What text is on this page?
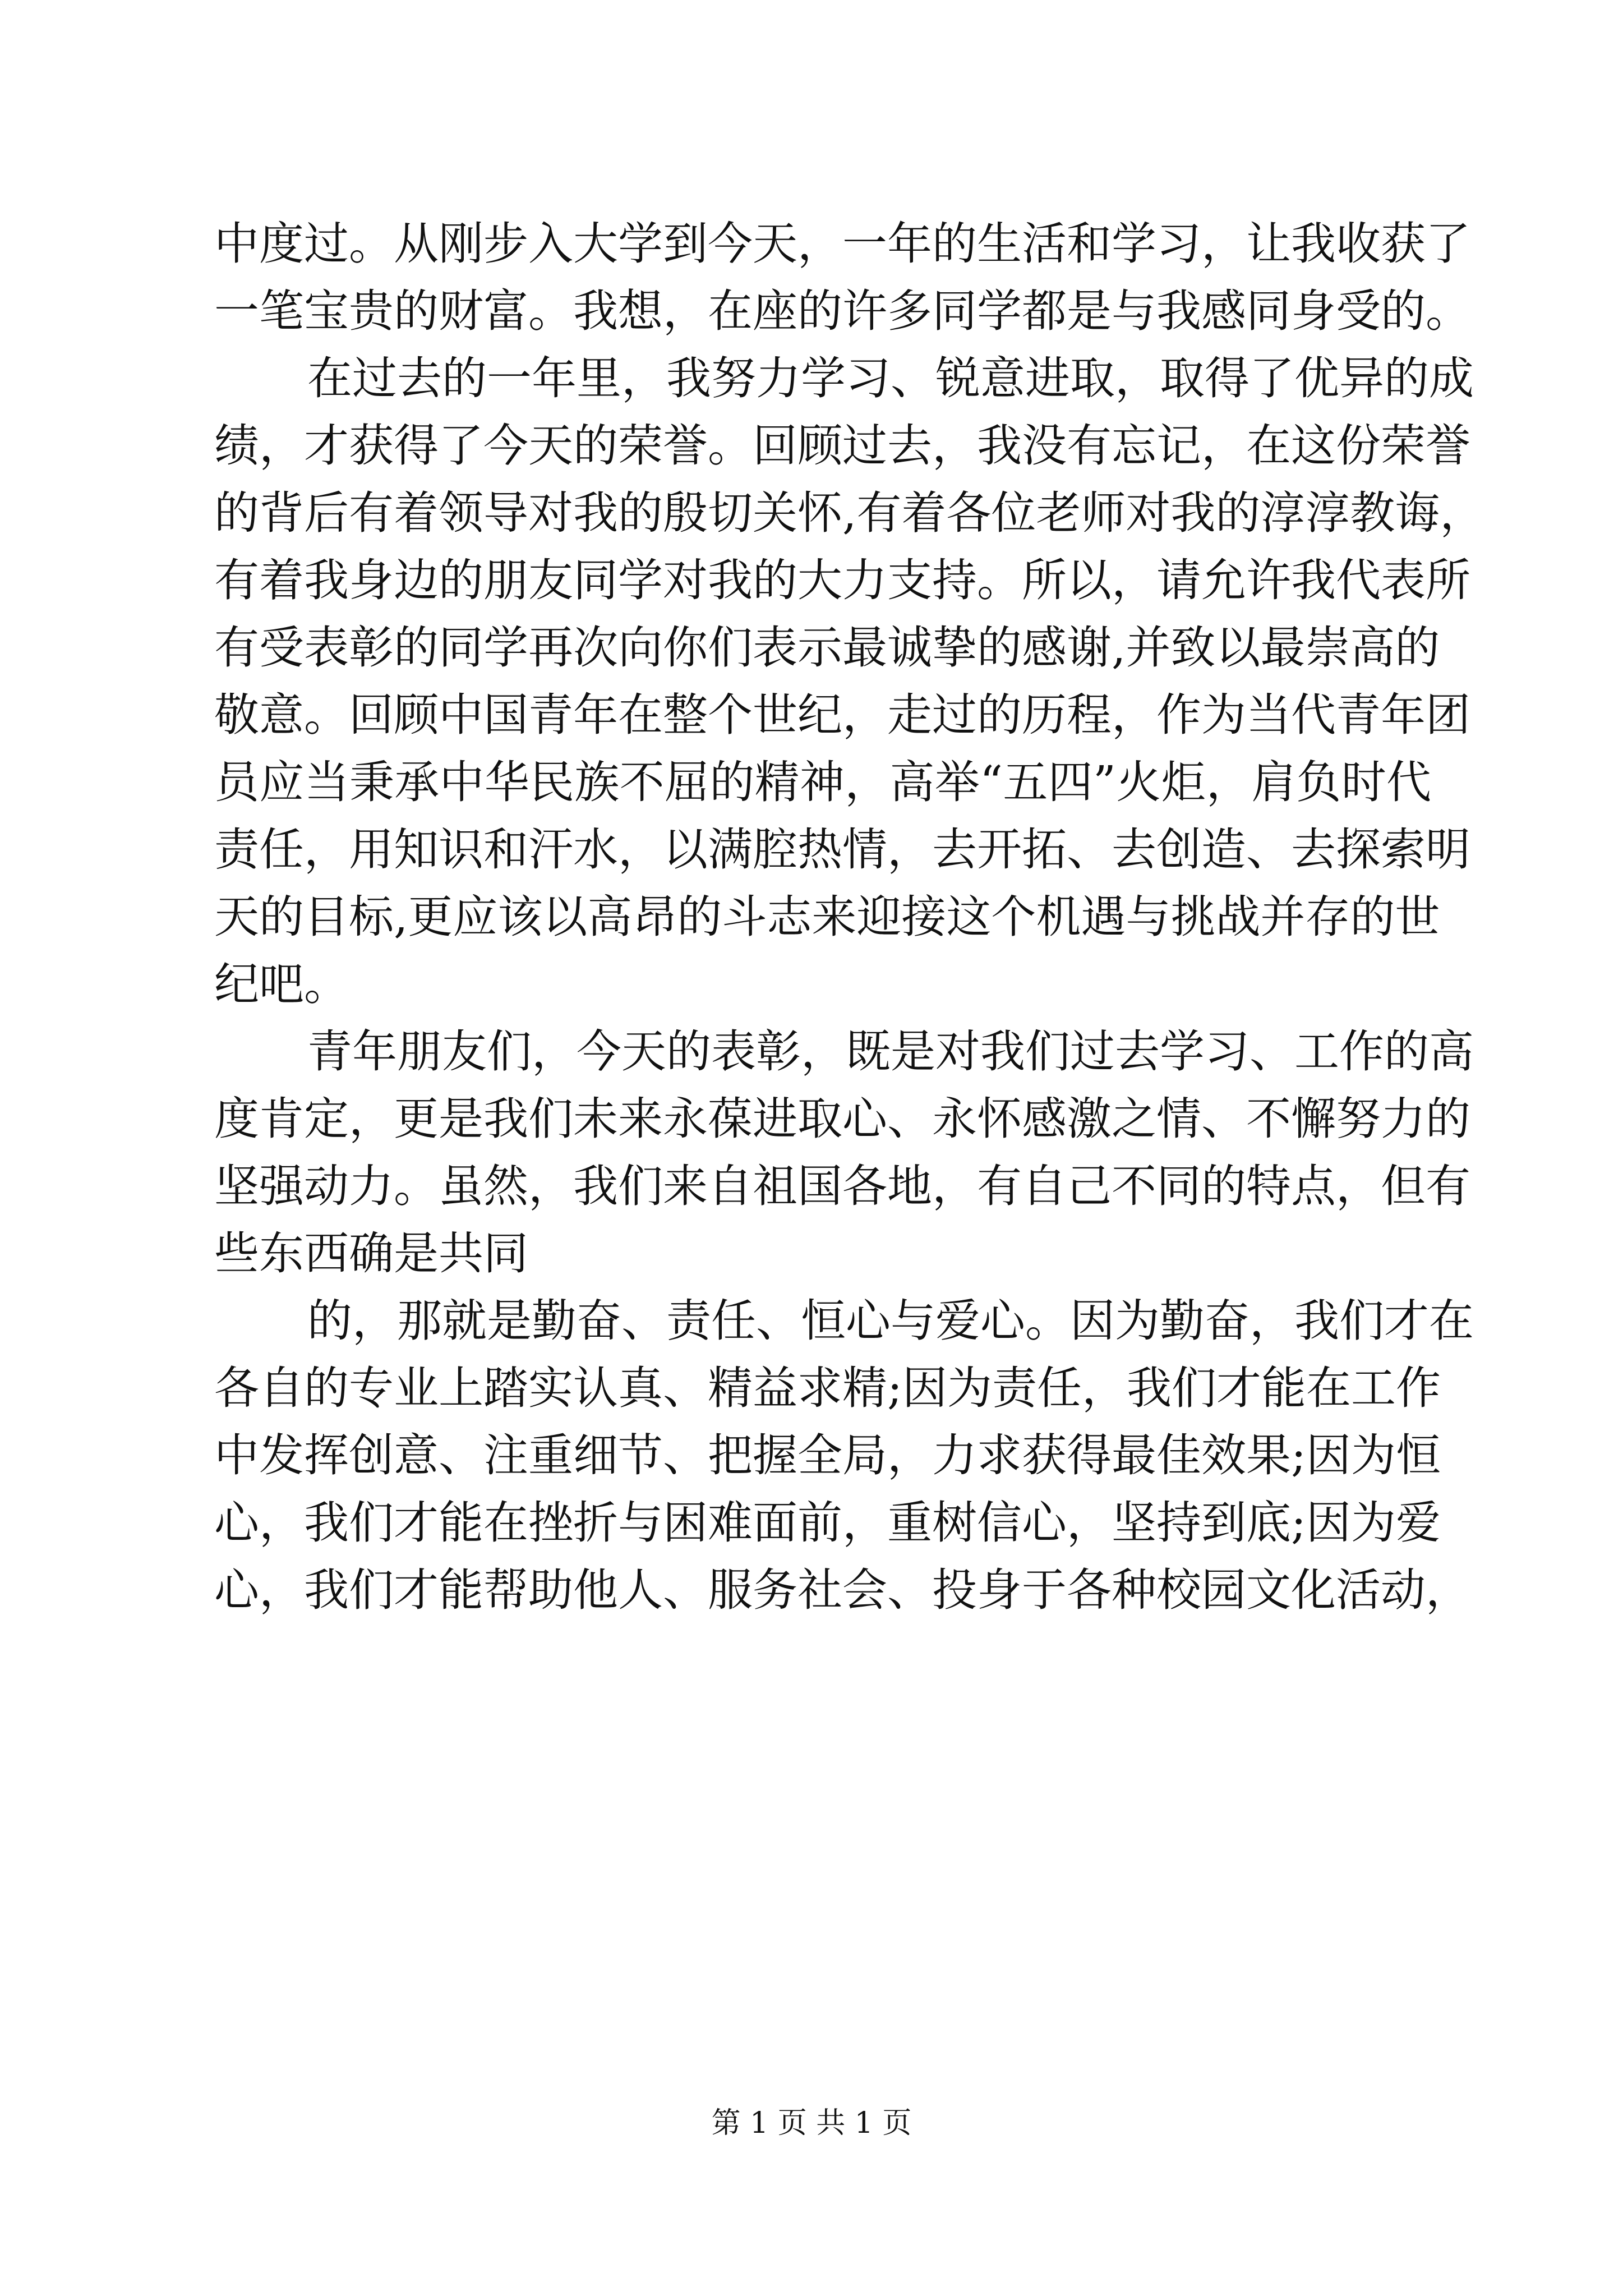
中度过。从刚步入大学到今天，一年的生活和学习，让我收获了
一笔宝贵的财富。我想，在座的许多同学都是与我感同身受的。
在过去的一年里，我努力学习、锐意进取，取得了优异的成
绩，才获得了今天的荣誉。回顾过去，我没有忘记，在这份荣誉
的背后有着领导对我的殷切关怀,有着各位老师对我的淳淳教诲，
有着我身边的朋友同学对我的大力支持。所以，请允许我代表所
有受表彰的同学再次向你们表示最诚挚的感谢,并致以最崇高的
敬意。回顾中国青年在整个世纪，走过的历程，作为当代青年团
员应当秉承中华民族不屈的精神，高举“五四”火炬，肩负时代
责任，用知识和汗水，以满腔热情，去开拓、去创造、去探索明
天的目标,更应该以高昂的斗志来迎接这个机遇与挑战并存的世
纪吧。
青年朋友们，今天的表彰，既是对我们过去学习、工作的高
度肯定，更是我们未来永葆进取心、永怀感激之情、不懈努力的
坚强动力。虽然，我们来自祖国各地，有自己不同的特点，但有
些东西确是共同
的，那就是勤奋、责任、恒心与爱心。因为勤奋，我们才在
各自的专业上踏实认真、精益求精;因为责任，我们才能在工作
中发挥创意、注重细节、把握全局，力求获得最佳效果;因为恒
心，我们才能在挫折与困难面前，重树信心，坚持到底;因为爱
心，我们才能帮助他人、服务社会、投身于各种校园文化活动，
第 1 页 共 1 页
